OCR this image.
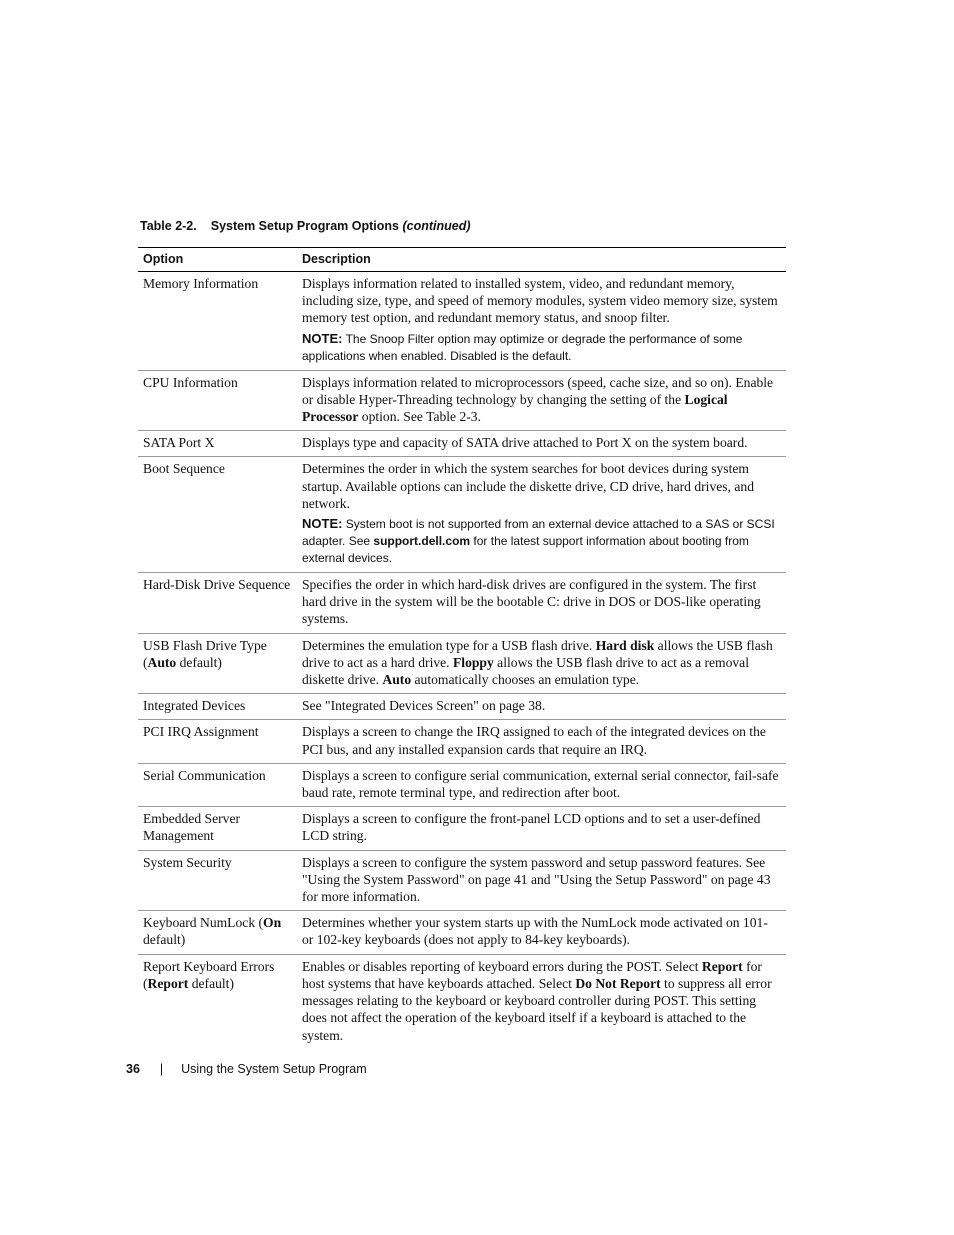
Table 2-2. System Setup Program Options (continued)
Option	Description
Memory Information	Displays information related to installed system, video, and redundant memory, including size, type, and speed of memory modules, system video memory size, system memory test option, and redundant memory status, and snoop filter.
NOTE: The Snoop Filter option may optimize or degrade the performance of some applications when enabled. Disabled is the default.

CPU Information	Displays information related to microprocessors (speed, cache size, and so on). Enable or disable Hyper-Threading technology by changing the setting of the Logical Processor option. See Table 2-3.

SATA Port X	Displays type and capacity of SATA drive attached to Port X on the system board.

Boot Sequence	Determines the order in which the system searches for boot devices during system startup. Available options can include the diskette drive, CD drive, hard drives, and network.
NOTE: System boot is not supported from an external device attached to a SAS or SCSI adapter. See support.dell.com for the latest support information about booting from external devices.

Hard-Disk Drive Sequence	Specifies the order in which hard-disk drives are configured in the system. The first hard drive in the system will be the bootable C: drive in DOS or DOS-like operating systems.

USB Flash Drive Type (Auto default)	Determines the emulation type for a USB flash drive. Hard disk allows the USB flash drive to act as a hard drive. Floppy allows the USB flash drive to act as a removal diskette drive. Auto automatically chooses an emulation type.

Integrated Devices	See "Integrated Devices Screen" on page 38.

PCI IRQ Assignment	Displays a screen to change the IRQ assigned to each of the integrated devices on the PCI bus, and any installed expansion cards that require an IRQ.

Serial Communication	Displays a screen to configure serial communication, external serial connector, fail-safe baud rate, remote terminal type, and redirection after boot.

Embedded Server Management	Displays a screen to configure the front-panel LCD options and to set a user-defined LCD string.

System Security	Displays a screen to configure the system password and setup password features. See "Using the System Password" on page 41 and "Using the Setup Password" on page 43 for more information.

Keyboard NumLock (On default)	Determines whether your system starts up with the NumLock mode activated on 101- or 102-key keyboards (does not apply to 84-key keyboards).

Report Keyboard Errors (Report default)	Enables or disables reporting of keyboard errors during the POST. Select Report for host systems that have keyboards attached. Select Do Not Report to suppress all error messages relating to the keyboard or keyboard controller during POST. This setting does not affect the operation of the keyboard itself if a keyboard is attached to the system.
36 | Using the System Setup Program
